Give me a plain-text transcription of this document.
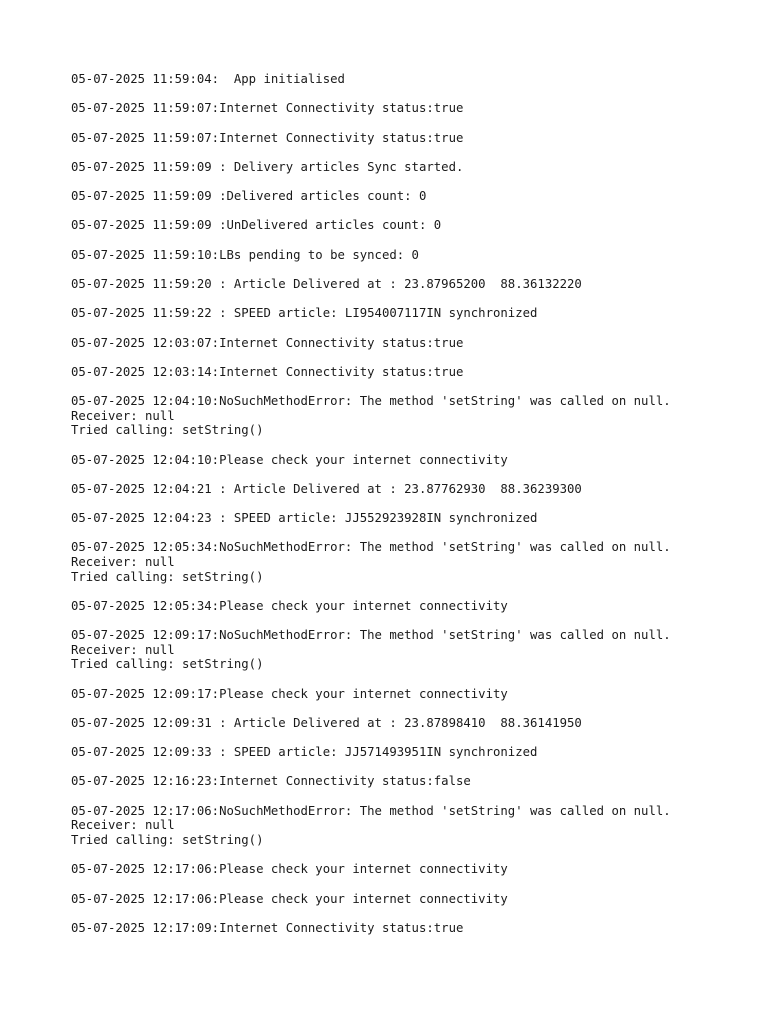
05-07-2025 11:59:04:  App initialised
05-07-2025 11:59:07:Internet Connectivity status:true
05-07-2025 11:59:07:Internet Connectivity status:true
05-07-2025 11:59:09 : Delivery articles Sync started.
05-07-2025 11:59:09 :Delivered articles count: 0
05-07-2025 11:59:09 :UnDelivered articles count: 0
05-07-2025 11:59:10:LBs pending to be synced: 0
05-07-2025 11:59:20 : Article Delivered at : 23.87965200  88.36132220
05-07-2025 11:59:22 : SPEED article: LI954007117IN synchronized
05-07-2025 12:03:07:Internet Connectivity status:true
05-07-2025 12:03:14:Internet Connectivity status:true
05-07-2025 12:04:10:NoSuchMethodError: The method 'setString' was called on null.
Receiver: null
Tried calling: setString()
05-07-2025 12:04:10:Please check your internet connectivity
05-07-2025 12:04:21 : Article Delivered at : 23.87762930  88.36239300
05-07-2025 12:04:23 : SPEED article: JJ552923928IN synchronized
05-07-2025 12:05:34:NoSuchMethodError: The method 'setString' was called on null.
Receiver: null
Tried calling: setString()
05-07-2025 12:05:34:Please check your internet connectivity
05-07-2025 12:09:17:NoSuchMethodError: The method 'setString' was called on null.
Receiver: null
Tried calling: setString()
05-07-2025 12:09:17:Please check your internet connectivity
05-07-2025 12:09:31 : Article Delivered at : 23.87898410  88.36141950
05-07-2025 12:09:33 : SPEED article: JJ571493951IN synchronized
05-07-2025 12:16:23:Internet Connectivity status:false
05-07-2025 12:17:06:NoSuchMethodError: The method 'setString' was called on null.
Receiver: null
Tried calling: setString()
05-07-2025 12:17:06:Please check your internet connectivity
05-07-2025 12:17:06:Please check your internet connectivity
05-07-2025 12:17:09:Internet Connectivity status:true
